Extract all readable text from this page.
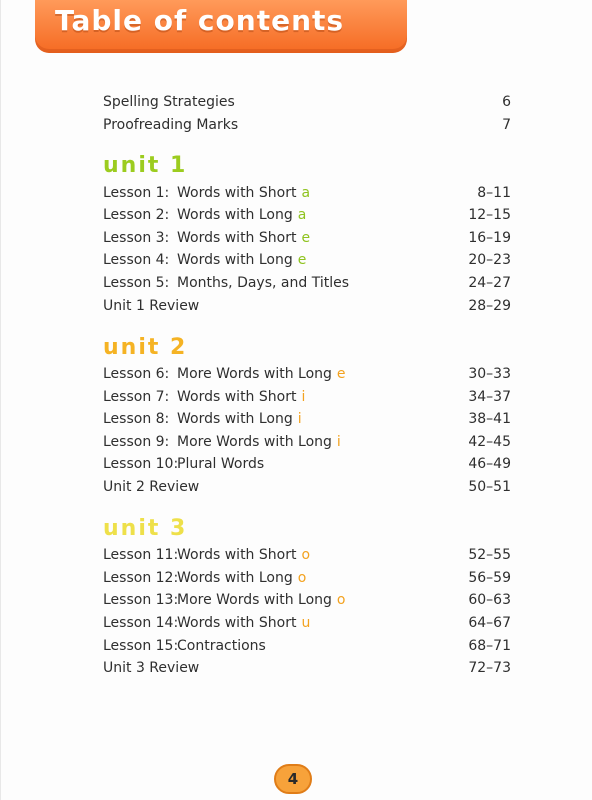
Table of contents
Spelling Strategies	6
Proofreading Marks	7
unit 1
Lesson 1: Words with Short a	8–11
Lesson 2: Words with Long a	12–15
Lesson 3: Words with Short e	16–19
Lesson 4: Words with Long e	20–23
Lesson 5: Months, Days, and Titles	24–27
Unit 1 Review	28–29
unit 2
Lesson 6: More Words with Long e	30–33
Lesson 7: Words with Short i	34–37
Lesson 8: Words with Long i	38–41
Lesson 9: More Words with Long i	42–45
Lesson 10:Plural Words	46–49
Unit 2 Review	50–51
unit 3
Lesson 11:Words with Short o	52–55
Lesson 12:Words with Long o	56–59
Lesson 13:More Words with Long o	60–63
Lesson 14:Words with Short u	64–67
Lesson 15:Contractions	68–71
Unit 3 Review	72–73
4
